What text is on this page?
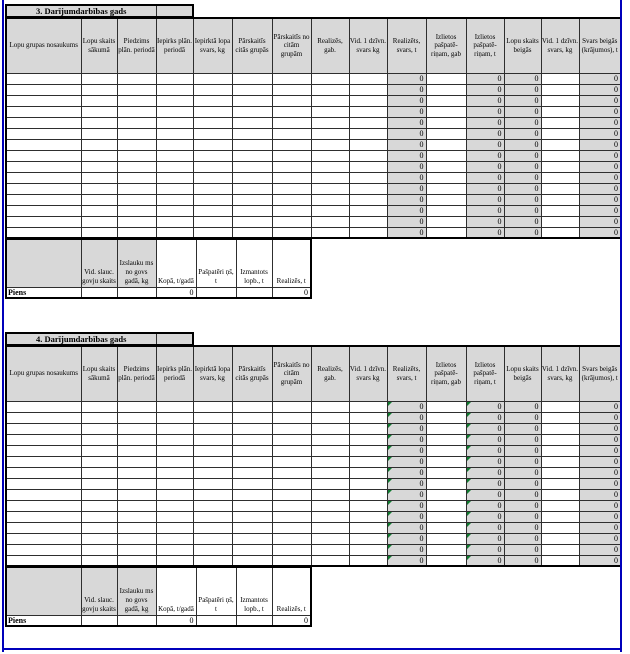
3. Darījumdarbības gads	
Lopu grupas nosaukums	Lopu skaits sākumā	Piedzims plān. periodā	Iepirks plān. periodā	Iepirktā lopa svars, kg	Pārskaitīs citās grupās	Pārskaitīs no citām grupām	Realizēs, gab.	Vid. 1 dzīvn. svars kg	Realizēts, svars, t	Izlietos pašpatē-riņam, gab	Izlietos pašpatē-riņam, t	Lopu skaits beigās	Vid. 1 dzīvn. svars, kg	Svars beigās (krājumos), t
									0		0	0		0
									0		0	0		0
									0		0	0		0
									0		0	0		0
									0		0	0		0
									0		0	0		0
									0		0	0		0
									0		0	0		0
									0		0	0		0
									0		0	0		0
									0		0	0		0
									0		0	0		0
									0		0	0		0
									0		0	0		0
									0		0	0		0
	Vid. slauc. govju skaits	Izslauku ms no govs gadā, kg	Kopā, t/gadā	Pašpatēri ņš, t	Izmantots lopb., t	Realizēs, t
Piens			0			0
4. Darījumdarbības gads	
Lopu grupas nosaukums	Lopu skaits sākumā	Piedzims plān. periodā	Iepirks plān. periodā	Iepirktā lopa svars, kg	Pārskaitīs citās grupās	Pārskaitīs no citām grupām	Realizēs, gab.	Vid. 1 dzīvn. svars kg	Realizēts, svars, t	Izlietos pašpatē-riņam, gab	Izlietos pašpatē-riņam, t	Lopu skaits beigās	Vid. 1 dzīvn. svars, kg	Svars beigās (krājumos), t
									0		0	0		0
									0		0	0		0
									0		0	0		0
									0		0	0		0
									0		0	0		0
									0		0	0		0
									0		0	0		0
									0		0	0		0
									0		0	0		0
									0		0	0		0
									0		0	0		0
									0		0	0		0
									0		0	0		0
									0		0	0		0
									0		0	0		0
	Vid. slauc. govju skaits	Izslauku ms no govs gadā, kg	Kopā, t/gadā	Pašpatēri ņš, t	Izmantots lopb., t	Realizēs, t
Piens			0			0
